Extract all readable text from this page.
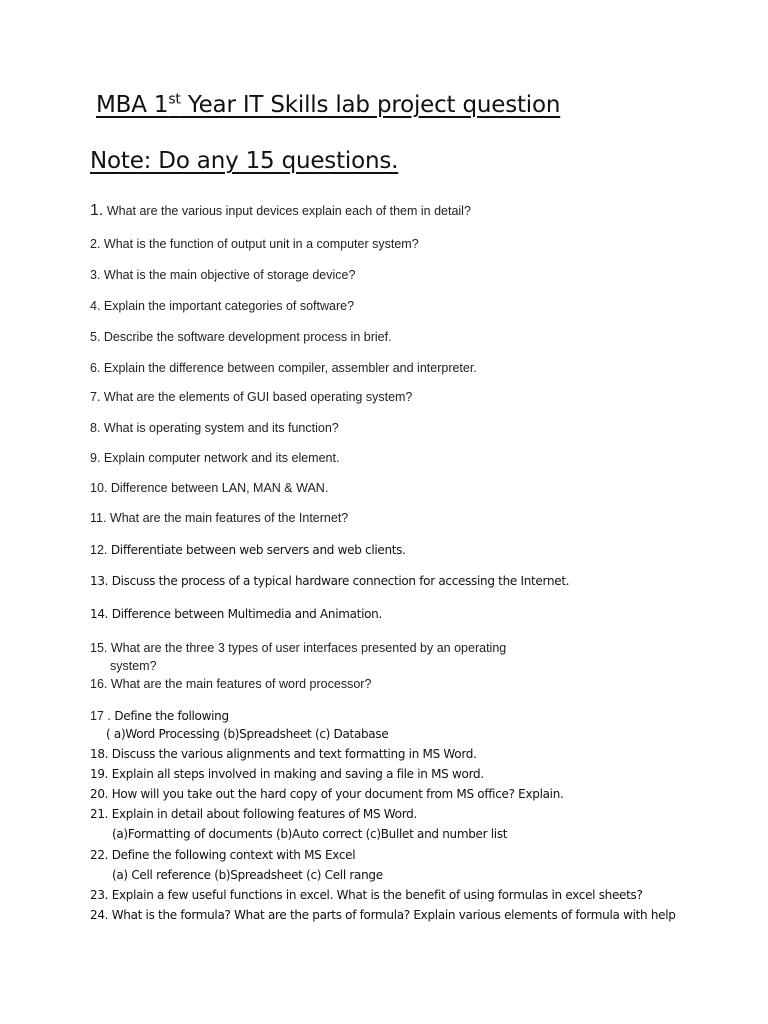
MBA 1st Year IT Skills lab project question
Note: Do any 15 questions.
1. What are the various input devices explain each of them in detail?
2. What is the function of output unit in a computer system?
3. What is the main objective of storage device?
4. Explain the important categories of software?
5. Describe the software development process in brief.
6. Explain the difference between compiler, assembler and interpreter.
7. What are the elements of GUI based operating system?
8. What is operating system and its function?
9. Explain computer network and its element.
10. Difference between LAN, MAN & WAN.
11. What are the main features of the Internet?
12. Differentiate between web servers and web clients.
13. Discuss the process of a typical hardware connection for accessing the Internet.
14. Difference between Multimedia and Animation.
15. What are the three 3 types of user interfaces presented by an operating
system?
16. What are the main features of word processor?
17 . Define the following
( a)Word Processing (b)Spreadsheet (c) Database
18. Discuss the various alignments and text formatting in MS Word.
19. Explain all steps involved in making and saving a file in MS word.
20. How will you take out the hard copy of your document from MS office? Explain.
21. Explain in detail about following features of MS Word.
(a)Formatting of documents (b)Auto correct (c)Bullet and number list
22. Define the following context with MS Excel
(a) Cell reference (b)Spreadsheet (c) Cell range
23. Explain a few useful functions in excel. What is the benefit of using formulas in excel sheets?
24. What is the formula? What are the parts of formula? Explain various elements of formula with help
